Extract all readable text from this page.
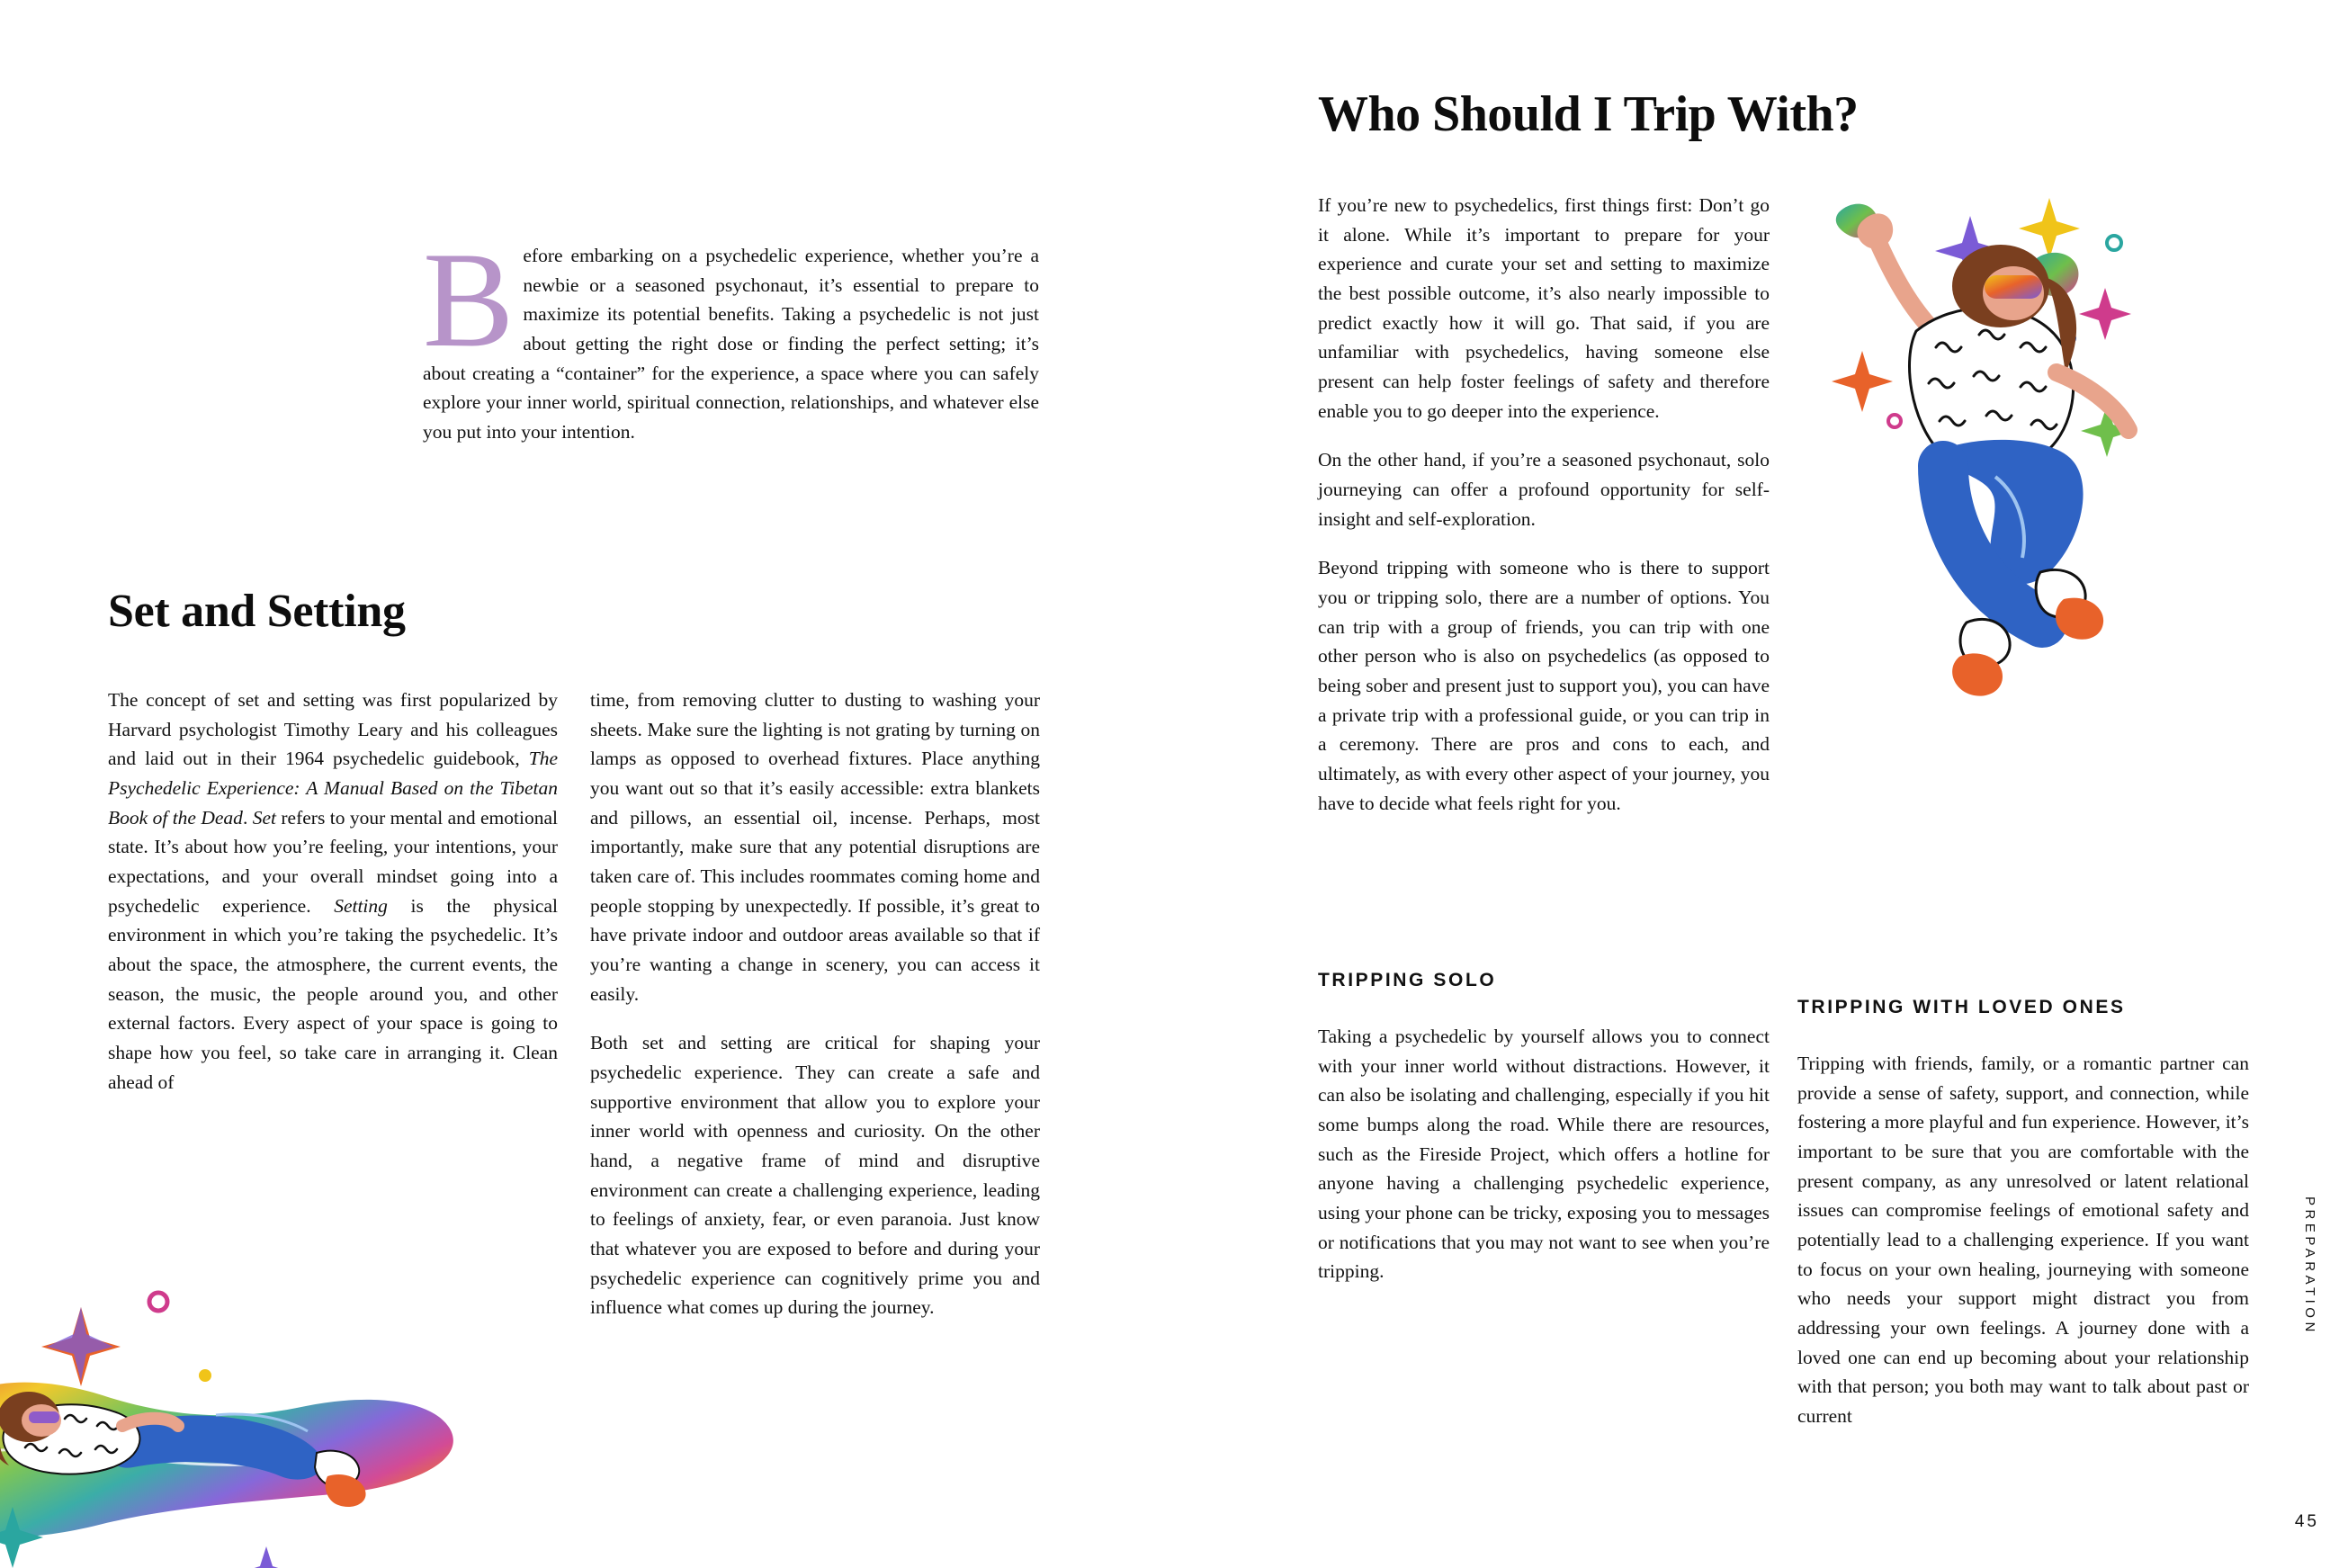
Before embarking on a psychedelic experience, whether you’re a newbie or a seasoned psychonaut, it’s essential to prepare to maximize its potential benefits. Taking a psychedelic is not just about getting the right dose or finding the perfect setting; it’s about creating a “container” for the experience, a space where you can safely explore your inner world, spiritual connection, relationships, and whatever else you put into your intention.
Set and Setting

The concept of set and setting was first popularized by Harvard psychologist Timothy Leary and his colleagues and laid out in their 1964 psychedelic guidebook, The Psychedelic Experience: A Manual Based on the Tibetan Book of the Dead. Set refers to your mental and emotional state. It’s about how you’re feeling, your intentions, your expectations, and your overall mindset going into a psychedelic experience. Setting is the physical environment in which you’re taking the psychedelic. It’s about the space, the atmosphere, the current events, the season, the music, the people around you, and other external factors. Every aspect of your space is going to shape how you feel, so take care in arranging it. Clean ahead of

time, from removing clutter to dusting to washing your sheets. Make sure the lighting is not grating by turning on lamps as opposed to overhead fixtures. Place anything you want out so that it’s easily accessible: extra blankets and pillows, an essential oil, incense. Perhaps, most importantly, make sure that any potential disruptions are taken care of. This includes roommates coming home and people stopping by unexpectedly. If possible, it’s great to have private indoor and outdoor areas available so that if you’re wanting a change in scenery, you can access it easily.

Both set and setting are critical for shaping your psychedelic experience. They can create a safe and supportive environment that allow you to explore your inner world with openness and curiosity. On the other hand, a negative frame of mind and disruptive environment can create a challenging experience, leading to feelings of anxiety, fear, or even paranoia. Just know that whatever you are exposed to before and during your psychedelic experience can cognitively prime you and influence what comes up during the journey.

Who Should I Trip With?

If you’re new to psychedelics, first things first: Don’t go it alone. While it’s important to prepare for your experience and curate your set and setting to maximize the best possible outcome, it’s also nearly impossible to predict exactly how it will go. That said, if you are unfamiliar with psychedelics, having someone else present can help foster feelings of safety and therefore enable you to go deeper into the experience.

On the other hand, if you’re a seasoned psychonaut, solo journeying can offer a profound opportunity for self-insight and self-exploration.

Beyond tripping with someone who is there to support you or tripping solo, there are a number of options. You can trip with a group of friends, you can trip with one other person who is also on psychedelics (as opposed to being sober and present just to support you), you can have a private trip with a professional guide, or you can trip in a ceremony. There are pros and cons to each, and ultimately, as with every other aspect of your journey, you have to decide what feels right for you.

TRIPPING SOLO
Taking a psychedelic by yourself allows you to connect with your inner world without distractions. However, it can also be isolating and challenging, especially if you hit some bumps along the road. While there are resources, such as the Fireside Project, which offers a hotline for anyone having a challenging psychedelic experience, using your phone can be tricky, exposing you to messages or notifications that you may not want to see when you’re tripping.
TRIPPING WITH LOVED ONES
Tripping with friends, family, or a romantic partner can provide a sense of safety, support, and connection, while fostering a more playful and fun experience. However, it’s important to be sure that you are comfortable with the present company, as any unresolved or latent relational issues can compromise feelings of emotional safety and potentially lead to a challenging experience. If you want to focus on your own healing, journeying with someone who needs your support might distract you from addressing your own feelings. A journey done with a loved one can end up becoming about your relationship with that person; you both may want to talk about past or current
PREPARATION
45
